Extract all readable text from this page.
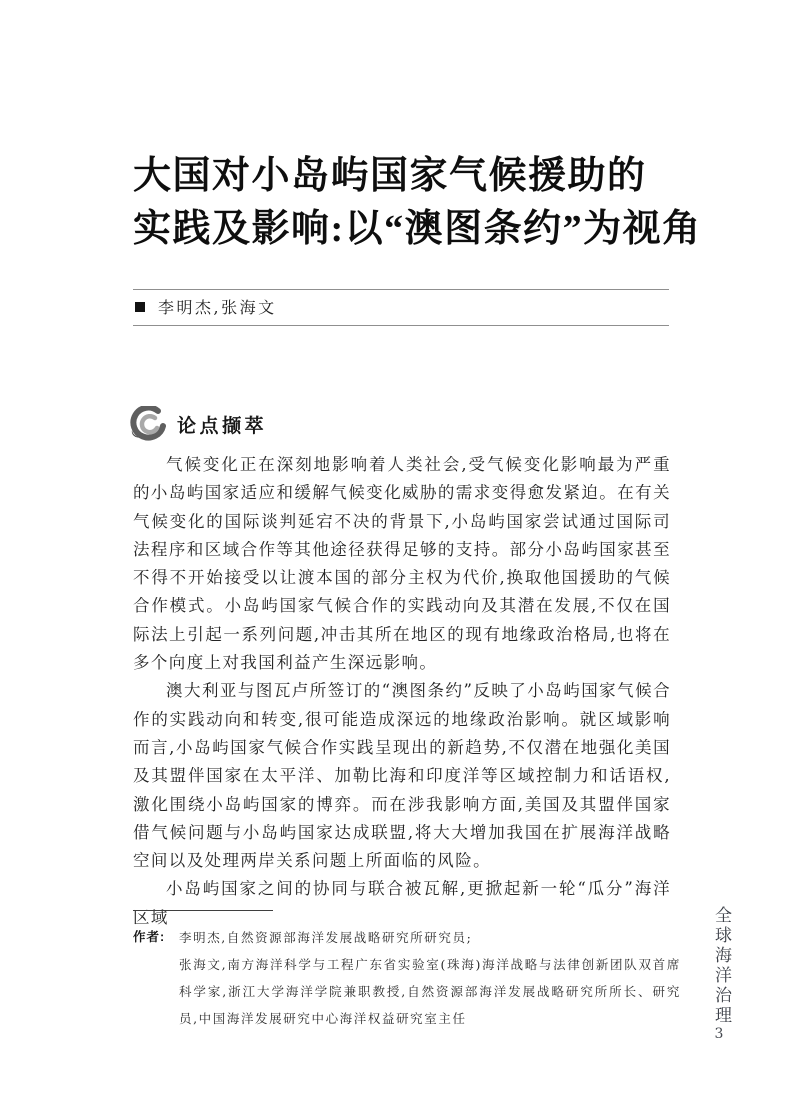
大国对小岛屿国家气候援助的
实践及影响:以“澳图条约”为视角
李明杰,张海文
论点撷萃

气候变化正在深刻地影响着人类社会,受气候变化影响最为严重的小岛屿国家适应和缓解气候变化威胁的需求变得愈发紧迫。在有关气候变化的国际谈判延宕不决的背景下,小岛屿国家尝试通过国际司法程序和区域合作等其他途径获得足够的支持。部分小岛屿国家甚至不得不开始接受以让渡本国的部分主权为代价,换取他国援助的气候合作模式。小岛屿国家气候合作的实践动向及其潜在发展,不仅在国际法上引起一系列问题,冲击其所在地区的现有地缘政治格局,也将在多个向度上对我国利益产生深远影响。

澳大利亚与图瓦卢所签订的“澳图条约”反映了小岛屿国家气候合作的实践动向和转变,很可能造成深远的地缘政治影响。就区域影响而言,小岛屿国家气候合作实践呈现出的新趋势,不仅潜在地强化美国及其盟伴国家在太平洋、加勒比海和印度洋等区域控制力和话语权,激化围绕小岛屿国家的博弈。而在涉我影响方面,美国及其盟伴国家借气候问题与小岛屿国家达成联盟,将大大增加我国在扩展海洋战略空间以及处理两岸关系问题上所面临的风险。

小岛屿国家之间的协同与联合被瓦解,更掀起新一轮“瓜分”海洋区域

作者: 李明杰,自然资源部海洋发展战略研究所研究员;
张海文,南方海洋科学与工程广东省实验室(珠海)海洋战略与法律创新团队双首席科学家,浙江大学海洋学院兼职教授,自然资源部海洋发展战略研究所所长、研究员,中国海洋发展研究中心海洋权益研究室主任	全球海洋治理
3
